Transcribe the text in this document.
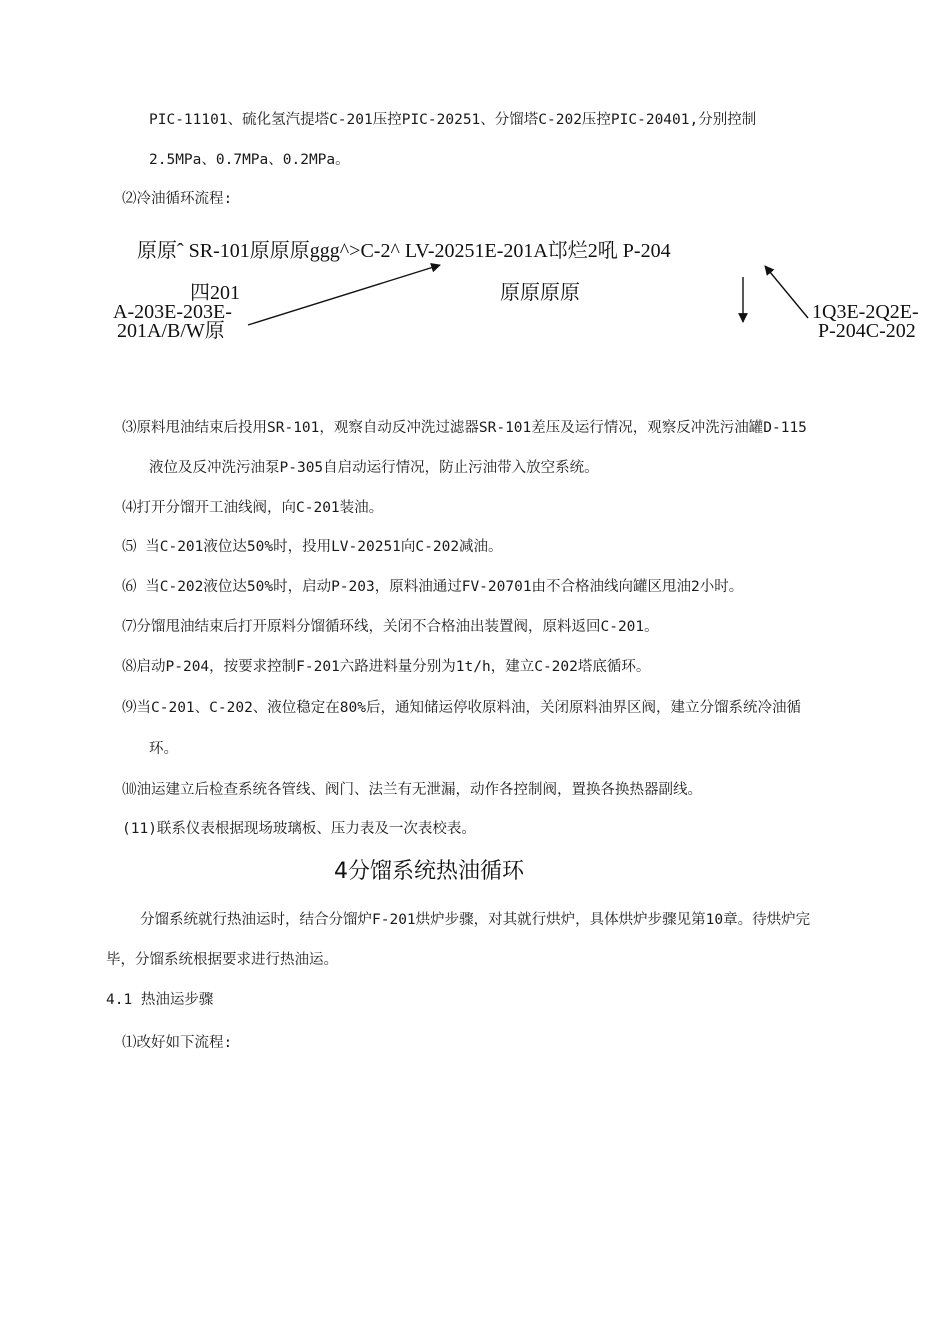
PIC-11101、硫化氢汽提塔C-201压控PIC-20251、分馏塔C-202压控PIC-20401,分别控制
2.5MPa、0.7MPa、0.2MPa。
⑵冷油循环流程:
原原ˆ SR-101原原原ggg^>C-2^ LV-20251E-201A邙烂2吼 P-204
四201
A-203E-203E-
201A/B/W原
原原原原
1Q3E-2Q2E-
P-204C-202
⑶原料甩油结束后投用SR-101，观察自动反冲洗过滤器SR-101差压及运行情况，观察反冲洗污油罐D-115
液位及反冲洗污油泵P-305自启动运行情况，防止污油带入放空系统。
⑷打开分馏开工油线阀，向C-201装油。
⑸ 当C-201液位达50%时，投用LV-20251向C-202减油。
⑹ 当C-202液位达50%时，启动P-203，原料油通过FV-20701由不合格油线向罐区甩油2小时。
⑺分馏甩油结束后打开原料分馏循环线，关闭不合格油出装置阀，原料返回C-201。
⑻启动P-204，按要求控制F-201六路进料量分别为1t/h，建立C-202塔底循环。
⑼当C-201、C-202、液位稳定在80%后，通知储运停收原料油，关闭原料油界区阀，建立分馏系统冷油循
环。
⑽油运建立后检查系统各管线、阀门、法兰有无泄漏，动作各控制阀，置换各换热器副线。
(11)联系仪表根据现场玻璃板、压力表及一次表校表。
4分馏系统热油循环
分馏系统就行热油运时，结合分馏炉F-201烘炉步骤，对其就行烘炉，具体烘炉步骤见第10章。待烘炉完
毕，分馏系统根据要求进行热油运。
4.1 热油运步骤
⑴改好如下流程:
